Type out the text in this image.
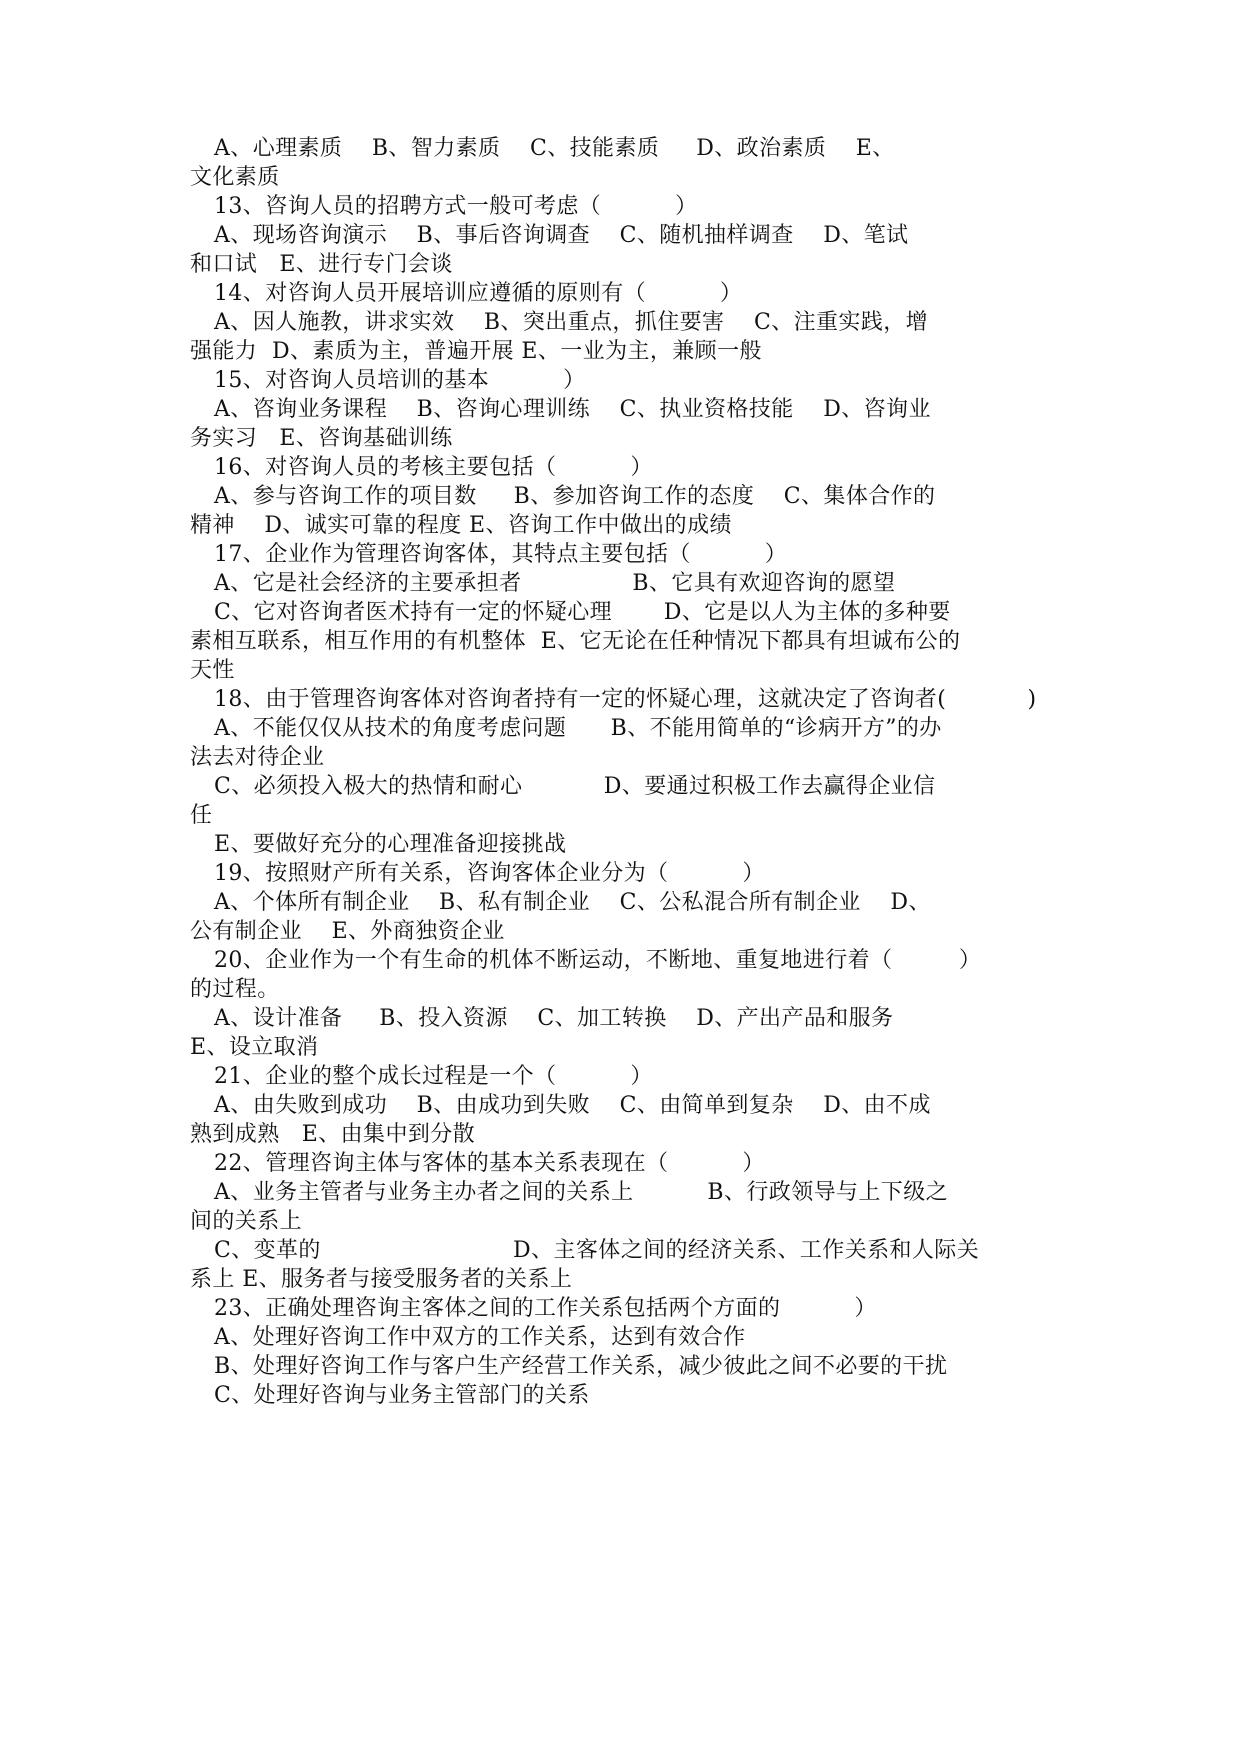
A、心理素质    B、智力素质    C、技能素质     D、政治素质    E、
文化素质
13、咨询人员的招聘方式一般可考虑（          ）
A、现场咨询演示    B、事后咨询调查    C、随机抽样调查    D、笔试
和口试   E、进行专门会谈
14、对咨询人员开展培训应遵循的原则有（          ）
A、因人施教，讲求实效    B、突出重点，抓住要害    C、注重实践，增
强能力  D、素质为主，普遍开展 E、一业为主，兼顾一般
15、对咨询人员培训的基本          ）
A、咨询业务课程    B、咨询心理训练    C、执业资格技能    D、咨询业
务实习   E、咨询基础训练
16、对咨询人员的考核主要包括（          ）
A、参与咨询工作的项目数     B、参加咨询工作的态度    C、集体合作的
精神    D、诚实可靠的程度 E、咨询工作中做出的成绩
17、企业作为管理咨询客体，其特点主要包括（          ）
A、它是社会经济的主要承担者               B、它具有欢迎咨询的愿望
C、它对咨询者医术持有一定的怀疑心理       D、它是以人为主体的多种要
素相互联系，相互作用的有机整体  E、它无论在任种情况下都具有坦诚布公的
天性
18、由于管理咨询客体对咨询者持有一定的怀疑心理，这就决定了咨询者(           )
A、不能仅仅从技术的角度考虑问题      B、不能用简单的“诊病开方”的办
法去对待企业
C、必须投入极大的热情和耐心           D、要通过积极工作去赢得企业信
任
E、要做好充分的心理准备迎接挑战
19、按照财产所有关系，咨询客体企业分为（          ）
A、个体所有制企业    B、私有制企业    C、公私混合所有制企业    D、
公有制企业    E、外商独资企业
20、企业作为一个有生命的机体不断运动，不断地、重复地进行着（         ）
的过程。
A、设计准备     B、投入资源    C、加工转换    D、产出产品和服务
E、设立取消
21、企业的整个成长过程是一个（          ）
A、由失败到成功    B、由成功到失败    C、由简单到复杂    D、由不成
熟到成熟   E、由集中到分散
22、管理咨询主体与客体的基本关系表现在（          ）
A、业务主管者与业务主办者之间的关系上          B、行政领导与上下级之
间的关系上
C、变革的                          D、主客体之间的经济关系、工作关系和人际关
系上 E、服务者与接受服务者的关系上
23、正确处理咨询主客体之间的工作关系包括两个方面的          ）
A、处理好咨询工作中双方的工作关系，达到有效合作
B、处理好咨询工作与客户生产经营工作关系，减少彼此之间不必要的干扰
C、处理好咨询与业务主管部门的关系
